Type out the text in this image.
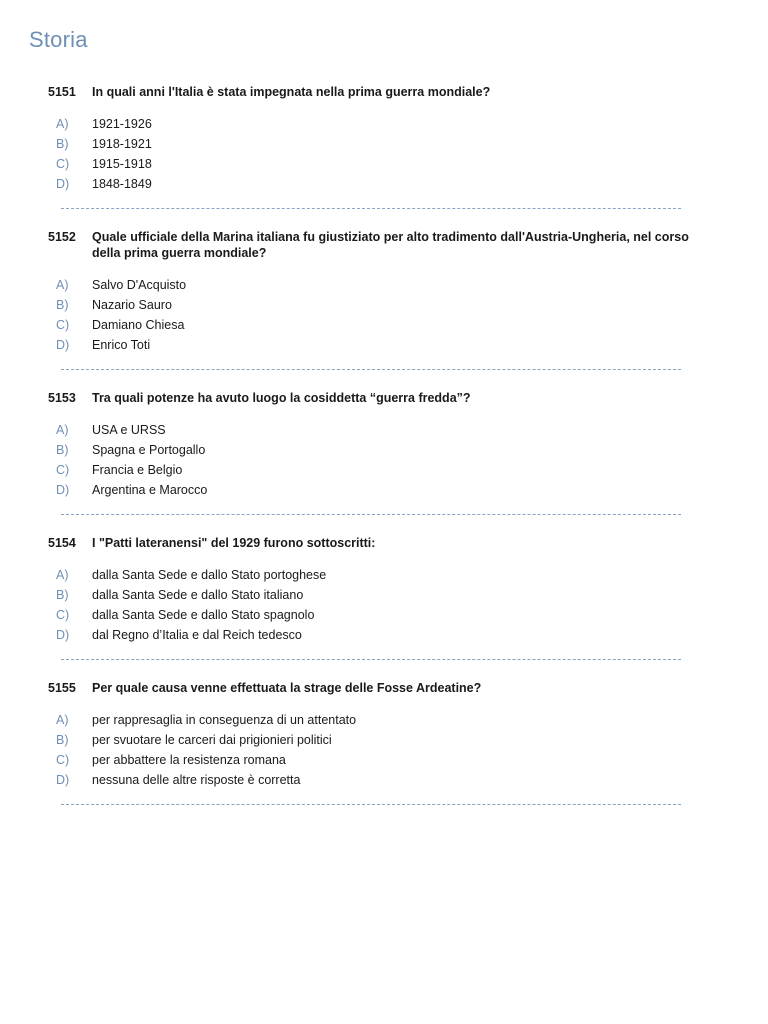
Storia
5151	In quali anni l'Italia è stata impegnata nella prima guerra mondiale?
A)	1921-1926
B)	1918-1921
C)	1915-1918
D)	1848-1849
5152	Quale ufficiale della Marina italiana fu giustiziato per alto tradimento dall'Austria-Ungheria, nel corso della prima guerra mondiale?
A)	Salvo D'Acquisto
B)	Nazario Sauro
C)	Damiano Chiesa
D)	Enrico Toti
5153	Tra quali potenze ha avuto luogo la cosiddetta “guerra fredda”?
A)	USA e URSS
B)	Spagna e Portogallo
C)	Francia e Belgio
D)	Argentina e Marocco
5154	I "Patti lateranensi" del 1929 furono sottoscritti:
A)	dalla Santa Sede e dallo Stato portoghese
B)	dalla Santa Sede e dallo Stato italiano
C)	dalla Santa Sede e dallo Stato spagnolo
D)	dal Regno d’Italia e dal Reich tedesco
5155	Per quale causa venne effettuata la strage delle Fosse Ardeatine?
A)	per rappresaglia in conseguenza di un attentato
B)	per svuotare le carceri dai prigionieri politici
C)	per abbattere la resistenza romana
D)	nessuna delle altre risposte è corretta
